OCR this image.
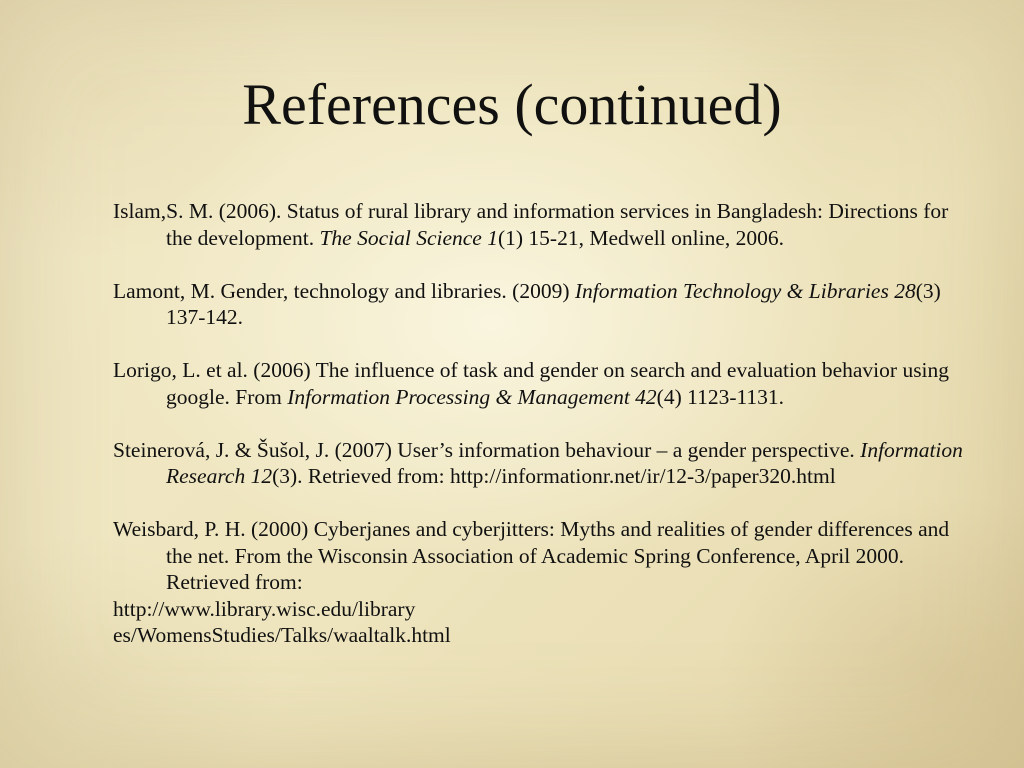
References (continued)

Islam,S. M. (2006). Status of rural library and information services in Bangladesh: Directions for the development. The Social Science 1(1) 15-21, Medwell online, 2006.

Lamont, M. Gender, technology and libraries. (2009) Information Technology & Libraries 28(3) 137-142.

Lorigo, L. et al. (2006) The influence of task and gender on search and evaluation behavior using google. From Information Processing & Management 42(4) 1123-1131.

Steinerová, J. & Šušol, J. (2007) User’s information behaviour – a gender perspective. Information Research 12(3). Retrieved from: http://informationr.net/ir/12-3/paper320.html

Weisbard, P. H. (2000) Cyberjanes and cyberjitters: Myths and realities of gender differences and the net. From the Wisconsin Association of Academic Spring Conference, April 2000. Retrieved from:
http://www.library.wisc.edu/library
es/WomensStudies/Talks/waaltalk.html
